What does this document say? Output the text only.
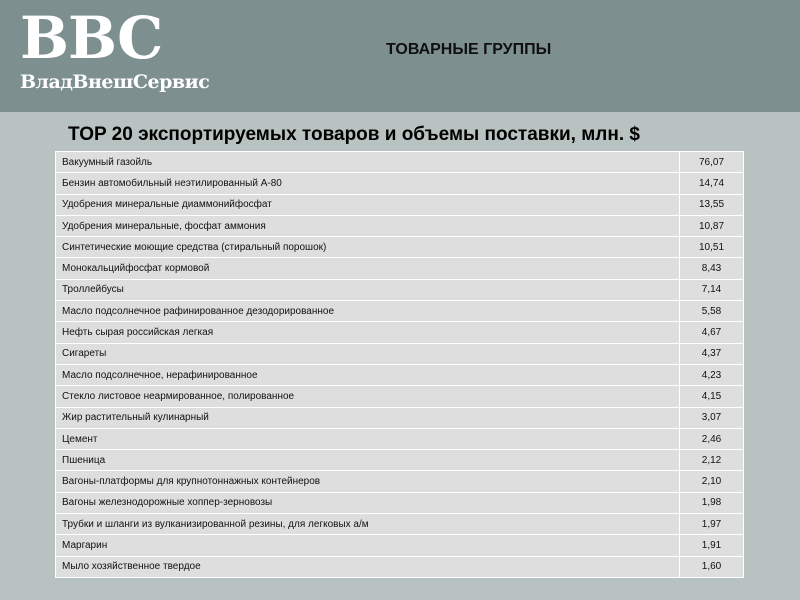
BBC
ВладВнешСервис
ТОВАРНЫЕ ГРУППЫ
TOP 20 экспортируемых товаров и объемы поставки, млн. $
Вакуумный газойль	76,07
Бензин автомобильный неэтилированный А-80	14,74
Удобрения минеральные диаммонийфосфат	13,55
Удобрения минеральные, фосфат аммония	10,87
Синтетические моющие средства (стиральный порошок)	10,51
Монокальцийфосфат кормовой	8,43
Троллейбусы	7,14
Масло подсолнечное рафинированное дезодорированное	5,58
Нефть сырая российская легкая	4,67
Сигареты	4,37
Масло подсолнечное, нерафинированное	4,23
Стекло листовое неармированное, полированное	4,15
Жир растительный кулинарный	3,07
Цемент	2,46
Пшеница	2,12
Вагоны-платформы для крупнотоннажных контейнеров	2,10
Вагоны железнодорожные хоппер-зерновозы	1,98
Трубки и шланги из вулканизированной резины, для легковых а/м	1,97
Маргарин	1,91
Мыло хозяйственное твердое	1,60
